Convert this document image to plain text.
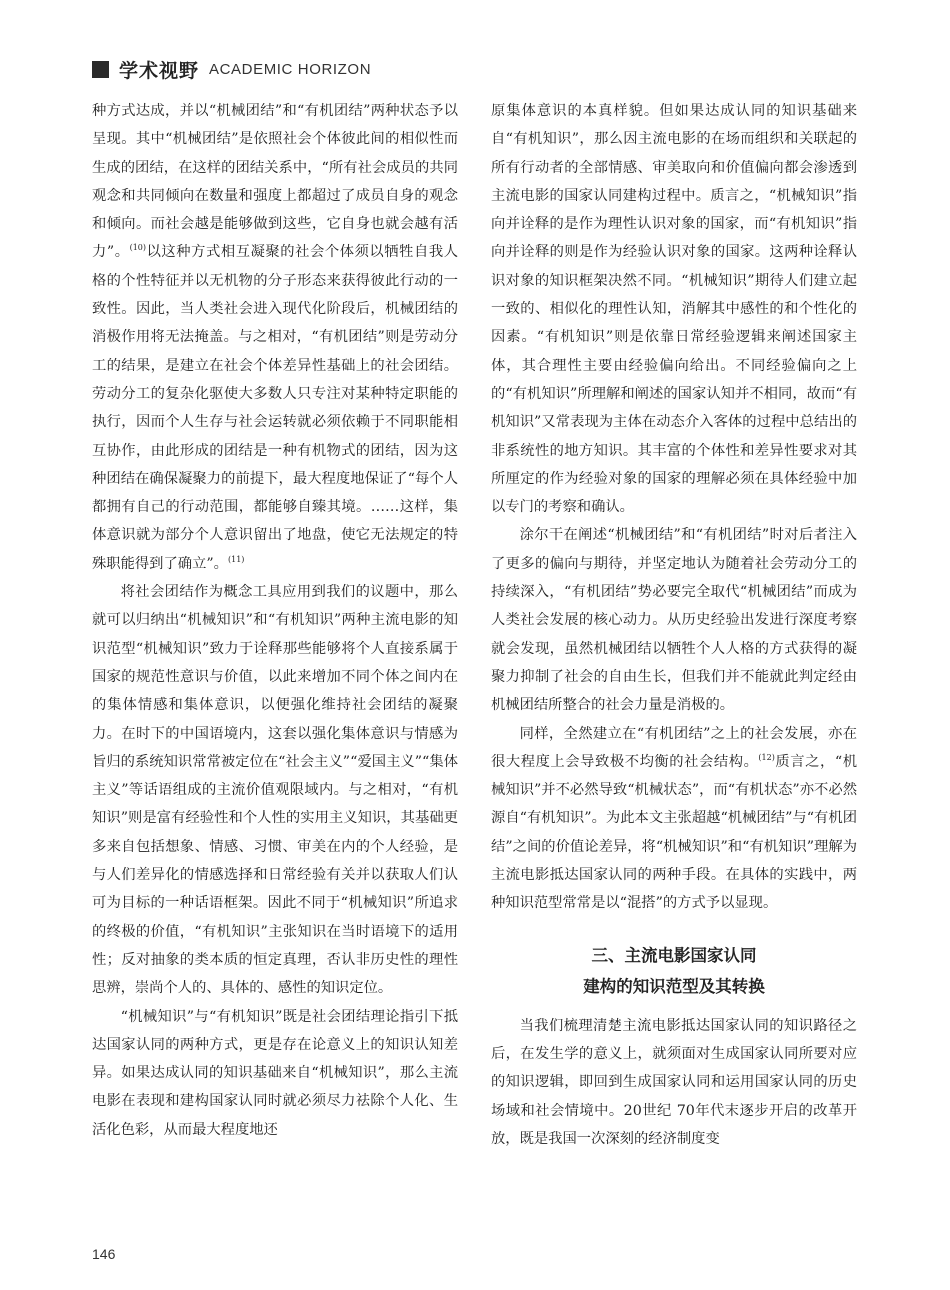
学术视野 ACADEMIC HORIZON

种方式达成，并以“机械团结”和“有机团结”两种状态予以呈现。其中“机械团结”是依照社会个体彼此间的相似性而生成的团结，在这样的团结关系中，“所有社会成员的共同观念和共同倾向在数量和强度上都超过了成员自身的观念和倾向。而社会越是能够做到这些，它自身也就会越有活力”。$^{(10)}$以这种方式相互凝聚的社会个体须以牺牲自我人格的个性特征并以无机物的分子形态来获得彼此行动的一致性。因此，当人类社会进入现代化阶段后，机械团结的消极作用将无法掩盖。与之相对，“有机团结”则是劳动分工的结果，是建立在社会个体差异性基础上的社会团结。劳动分工的复杂化驱使大多数人只专注对某种特定职能的执行，因而个人生存与社会运转就必须依赖于不同职能相互协作，由此形成的团结是一种有机物式的团结，因为这种团结在确保凝聚力的前提下，最大程度地保证了“每个人都拥有自己的行动范围，都能够自臻其境。……这样，集体意识就为部分个人意识留出了地盘，使它无法规定的特殊职能得到了确立”。$^{(11)}$

将社会团结作为概念工具应用到我们的议题中，那么就可以归纳出“机械知识”和“有机知识”两种主流电影的知识范型“机械知识”致力于诠释那些能够将个人直接系属于国家的规范性意识与价值，以此来增加不同个体之间内在的集体情感和集体意识，以便强化维持社会团结的凝聚力。在时下的中国语境内，这套以强化集体意识与情感为旨归的系统知识常常被定位在“社会主义”“爱国主义”“集体主义”等话语组成的主流价值观限域内。与之相对，“有机知识”则是富有经验性和个人性的实用主义知识，其基础更多来自包括想象、情感、习惯、审美在内的个人经验，是与人们差异化的情感选择和日常经验有关并以获取人们认可为目标的一种话语框架。因此不同于“机械知识”所追求的终极的价值，“有机知识”主张知识在当时语境下的适用性；反对抽象的类本质的恒定真理，否认非历史性的理性思辨，崇尚个人的、具体的、感性的知识定位。

“机械知识”与“有机知识”既是社会团结理论指引下抵达国家认同的两种方式，更是存在论意义上的知识认知差异。如果达成认同的知识基础来自“机械知识”，那么主流电影在表现和建构国家认同时就必须尽力祛除个人化、生活化色彩，从而最大程度地还

原集体意识的本真样貌。但如果达成认同的知识基础来自“有机知识”，那么因主流电影的在场而组织和关联起的所有行动者的全部情感、审美取向和价值偏向都会渗透到主流电影的国家认同建构过程中。质言之，“机械知识”指向并诠释的是作为理性认识对象的国家，而“有机知识”指向并诠释的则是作为经验认识对象的国家。这两种诠释认识对象的知识框架决然不同。“机械知识”期待人们建立起一致的、相似化的理性认知，消解其中感性的和个性化的因素。“有机知识”则是依靠日常经验逻辑来阐述国家主体，其合理性主要由经验偏向给出。不同经验偏向之上的“有机知识”所理解和阐述的国家认知并不相同，故而“有机知识”又常表现为主体在动态介入客体的过程中总结出的非系统性的地方知识。其丰富的个体性和差异性要求对其所厘定的作为经验对象的国家的理解必须在具体经验中加以专门的考察和确认。

涂尔干在阐述“机械团结”和“有机团结”时对后者注入了更多的偏向与期待，并坚定地认为随着社会劳动分工的持续深入，“有机团结”势必要完全取代“机械团结”而成为人类社会发展的核心动力。从历史经验出发进行深度考察就会发现，虽然机械团结以牺牲个人人格的方式获得的凝聚力抑制了社会的自由生长，但我们并不能就此判定经由机械团结所整合的社会力量是消极的。

同样，全然建立在“有机团结”之上的社会发展，亦在很大程度上会导致极不均衡的社会结构。$^{(12)}$质言之，“机械知识”并不必然导致“机械状态”，而“有机状态”亦不必然源自“有机知识”。为此本文主张超越“机械团结”与“有机团结”之间的价值论差异，将“机械知识”和“有机知识”理解为主流电影抵达国家认同的两种手段。在具体的实践中，两种知识范型常常是以“混搭”的方式予以显现。

三、主流电影国家认同
建构的知识范型及其转换

当我们梳理清楚主流电影抵达国家认同的知识路径之后，在发生学的意义上，就须面对生成国家认同所要对应的知识逻辑，即回到生成国家认同和运用国家认同的历史场域和社会情境中。20世纪 70年代末逐步开启的改革开放，既是我国一次深刻的经济制度变

146
